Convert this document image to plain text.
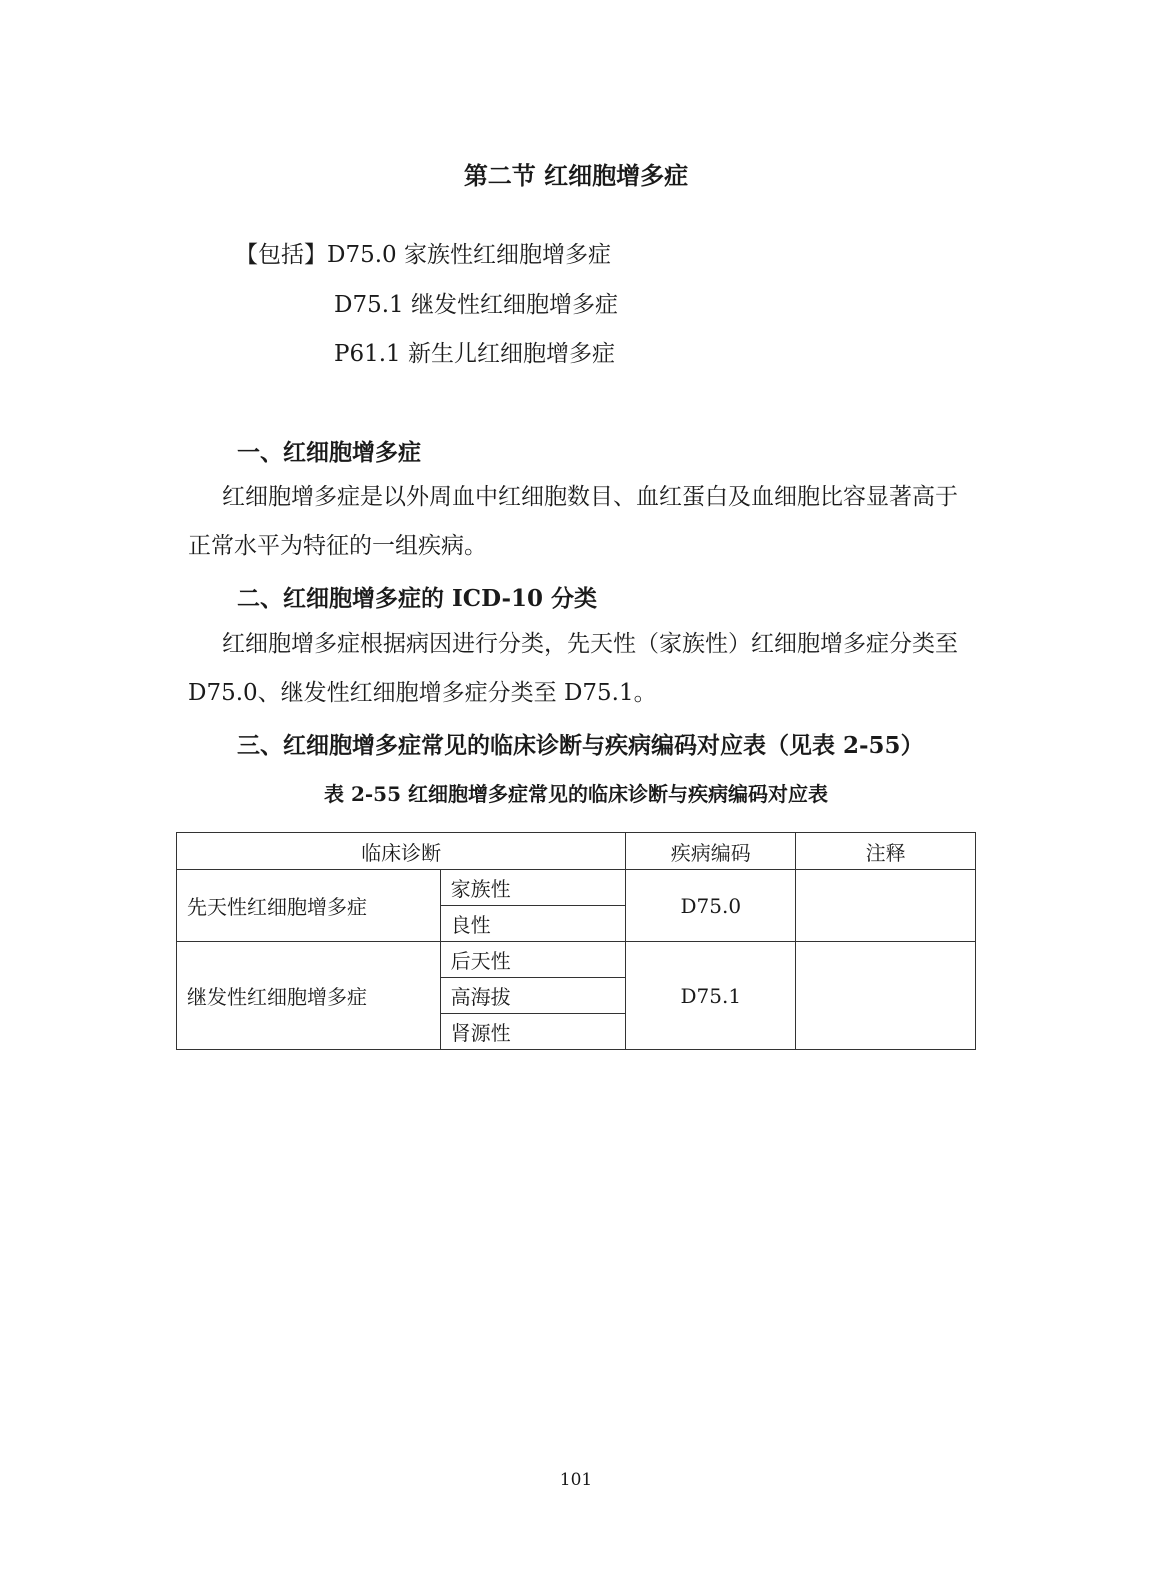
第二节 红细胞增多症
【包括】D75.0 家族性红细胞增多症
D75.1 继发性红细胞增多症
P61.1 新生儿红细胞增多症
一、红细胞增多症
红细胞增多症是以外周血中红细胞数目、血红蛋白及血细胞比容显著高于正常水平为特征的一组疾病。
二、红细胞增多症的 ICD-10 分类
红细胞增多症根据病因进行分类，先天性（家族性）红细胞增多症分类至 D75.0、继发性红细胞增多症分类至 D75.1。
三、红细胞增多症常见的临床诊断与疾病编码对应表（见表 2-55）
表 2-55 红细胞增多症常见的临床诊断与疾病编码对应表
临床诊断		疾病编码	注释
先天性红细胞增多症	家族性	D75.0	
	良性		
继发性红细胞增多症	后天性	D75.1	
	高海拔		
	肾源性		
101
